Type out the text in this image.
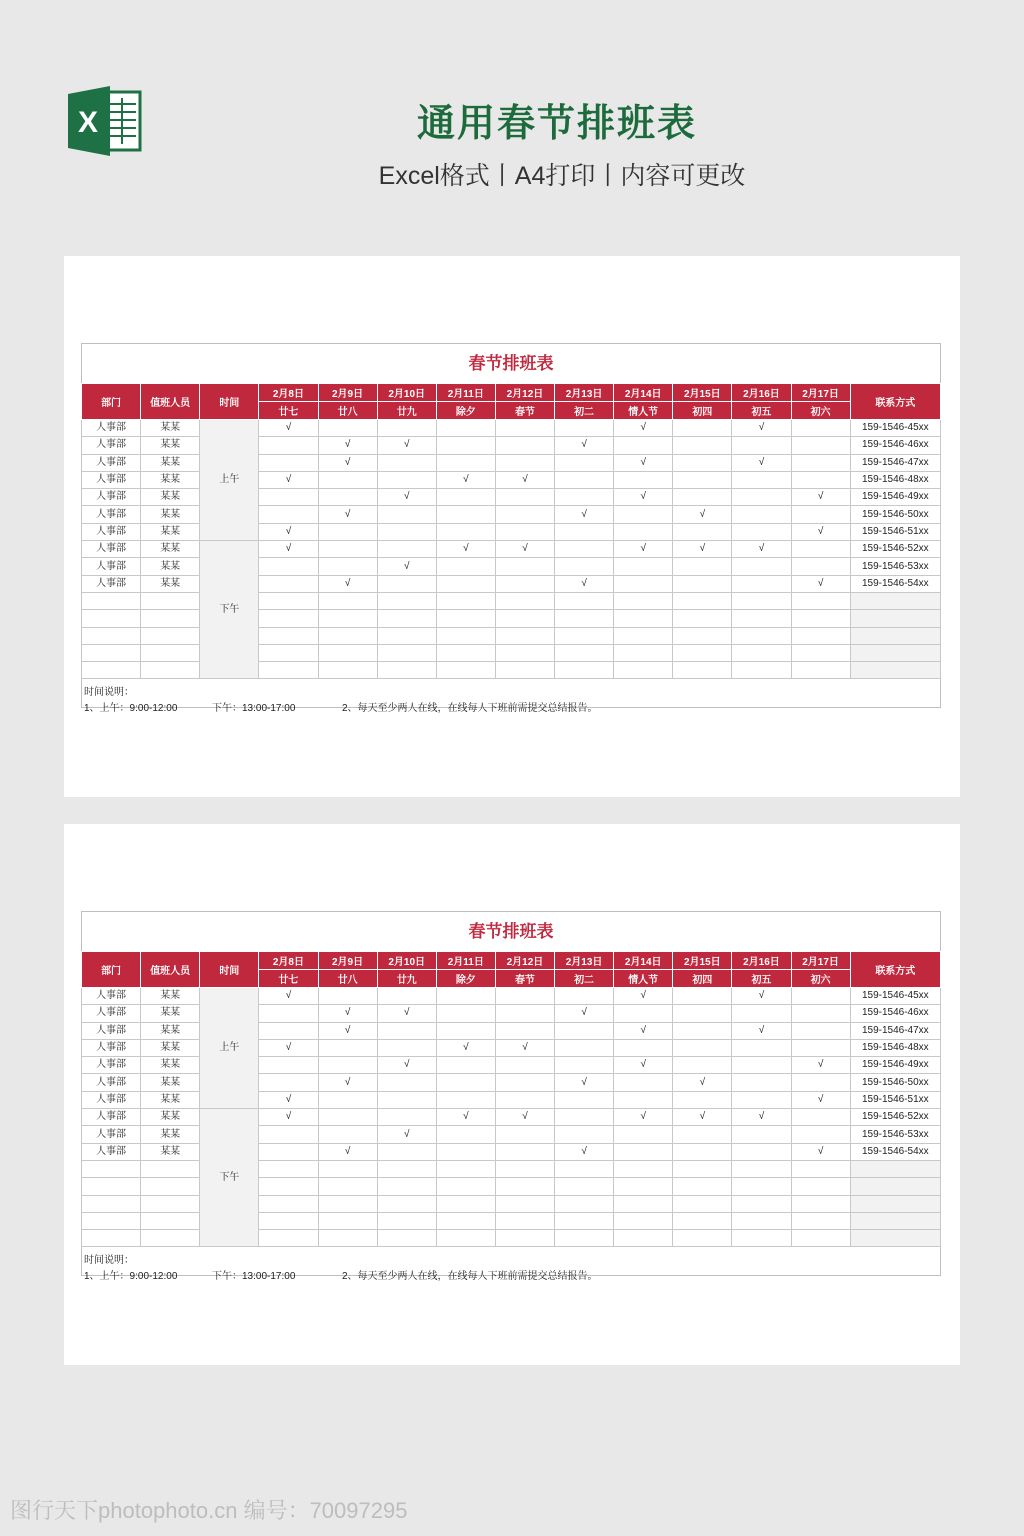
X	通用春节排班表
Excel格式丨A4打印丨内容可更改
春节排班表
部门	值班人员	时间	2月8日	2月9日	2月10日	2月11日	2月12日	2月13日	2月14日	2月15日	2月16日	2月17日	联系方式
			廿七	廿八	廿九	除夕	春节	初二	情人节	初四	初五	初六	
人事部	某某	上午	√						√		√		159-1546-45xx
人事部	某某			√	√			√					159-1546-46xx
人事部	某某			√					√		√		159-1546-47xx
人事部	某某		√			√	√						159-1546-48xx
人事部	某某				√				√			√	159-1546-49xx
人事部	某某			√				√		√			159-1546-50xx
人事部	某某		√									√	159-1546-51xx
人事部	某某	下午	√			√	√		√	√	√		159-1546-52xx
人事部	某某				√								159-1546-53xx
人事部	某某			√				√				√	159-1546-54xx

时间说明：
1、上午：9:00-12:00	下午：13:00-17:00	2、每天至少两人在线，在线每人下班前需提交总结报告。
春节排班表
部门	值班人员	时间	2月8日	2月9日	2月10日	2月11日	2月12日	2月13日	2月14日	2月15日	2月16日	2月17日	联系方式
			廿七	廿八	廿九	除夕	春节	初二	情人节	初四	初五	初六	
人事部	某某	上午	√						√		√		159-1546-45xx
人事部	某某			√	√			√					159-1546-46xx
人事部	某某			√					√		√		159-1546-47xx
人事部	某某		√			√	√						159-1546-48xx
人事部	某某				√				√			√	159-1546-49xx
人事部	某某			√				√		√			159-1546-50xx
人事部	某某		√									√	159-1546-51xx
人事部	某某	下午	√			√	√		√	√	√		159-1546-52xx
人事部	某某				√								159-1546-53xx
人事部	某某			√				√				√	159-1546-54xx

时间说明：
1、上午：9:00-12:00	下午：13:00-17:00	2、每天至少两人在线，在线每人下班前需提交总结报告。
图行天下photophoto.cn 编号：70097295
